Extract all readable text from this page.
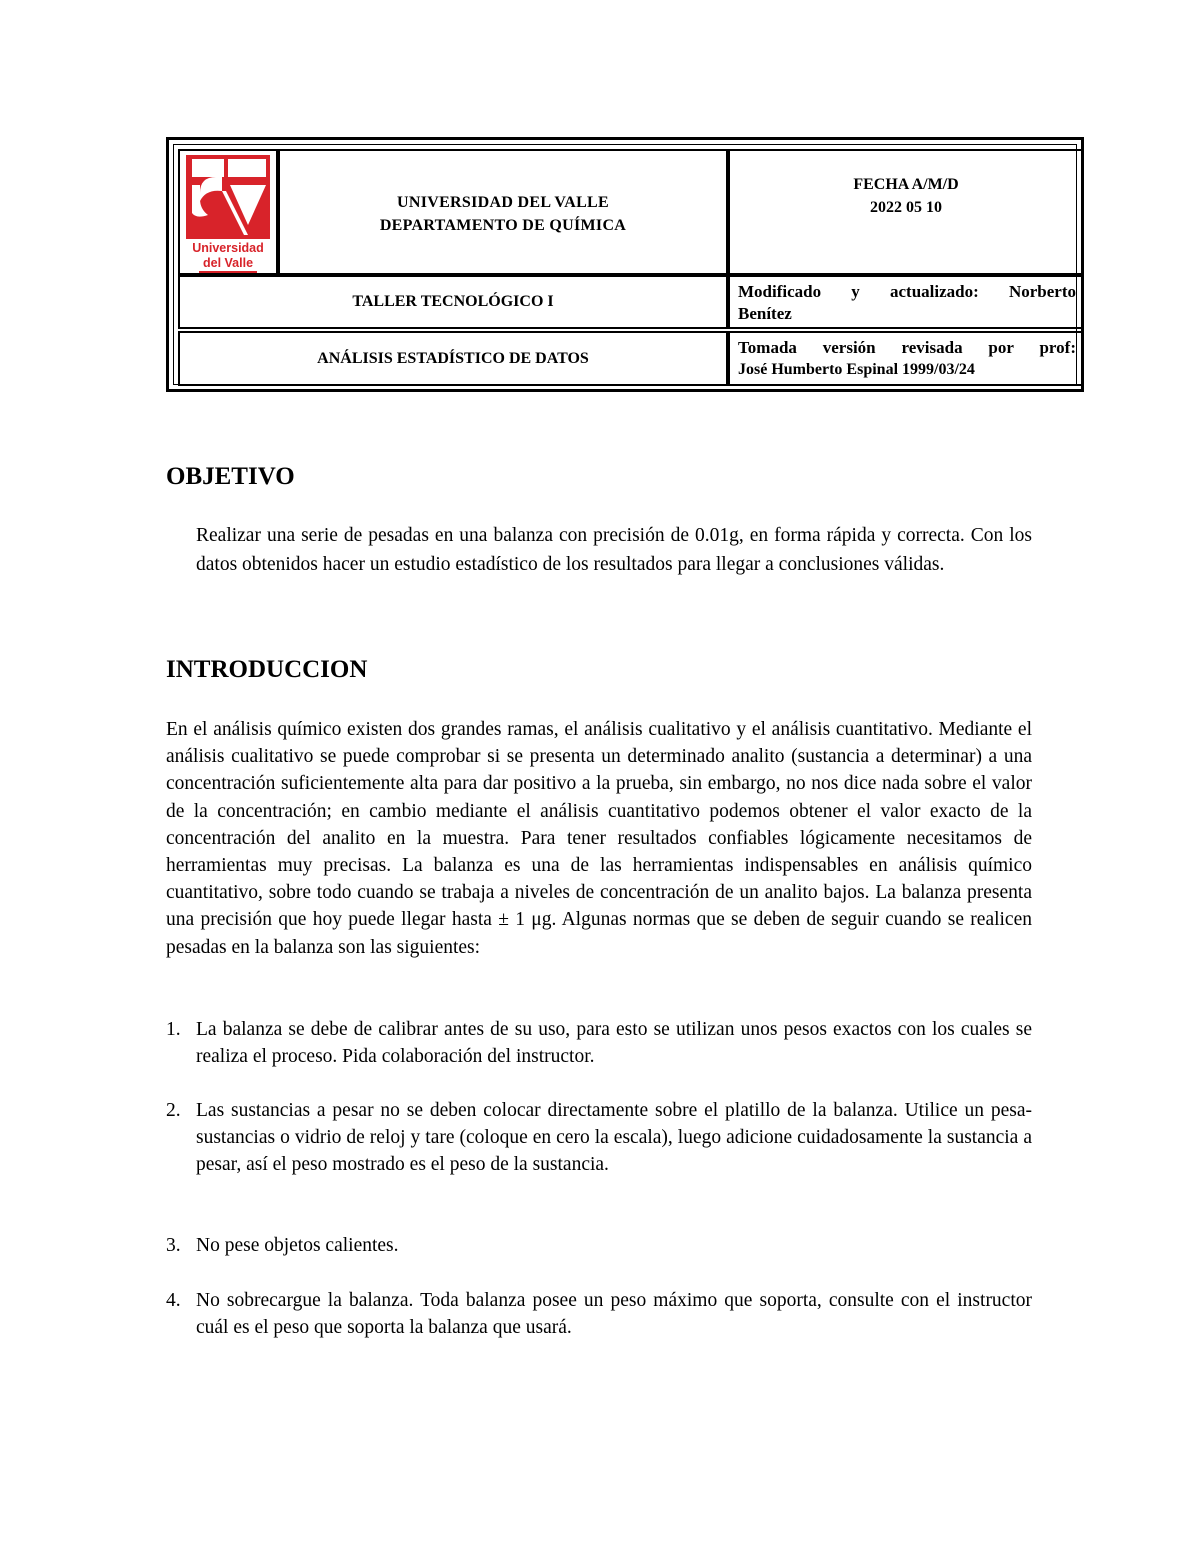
Universidad
del Valle
UNIVERSIDAD DEL VALLE
DEPARTAMENTO DE QUÍMICA
FECHA A/M/D
2022 05 10
TALLER TECNOLÓGICO I
Modificado y actualizado: Norberto
Benítez
ANÁLISIS ESTADÍSTICO DE DATOS
Tomada versión revisada por prof:
José Humberto Espinal 1999/03/24
OBJETIVO
Realizar una serie de pesadas en una balanza con precisión de 0.01g, en forma rápida y correcta. Con los datos obtenidos hacer un estudio estadístico de los resultados para llegar a conclusiones válidas.
INTRODUCCION
En el análisis químico existen dos grandes ramas, el análisis cualitativo y el análisis cuantitativo. Mediante el análisis cualitativo se puede comprobar si se presenta un determinado analito (sustancia a determinar) a una concentración suficientemente alta para dar positivo a la prueba, sin embargo, no nos dice nada sobre el valor de la concentración; en cambio mediante el análisis cuantitativo podemos obtener el valor exacto de la concentración del analito en la muestra. Para tener resultados confiables lógicamente necesitamos de herramientas muy precisas. La balanza es una de las herramientas indispensables en análisis químico cuantitativo, sobre todo cuando se trabaja a niveles de concentración de un analito bajos. La balanza presenta una precisión que hoy puede llegar hasta ± 1 μg. Algunas normas que se deben de seguir cuando se realicen pesadas en la balanza son las siguientes:
1. La balanza se debe de calibrar antes de su uso, para esto se utilizan unos pesos exactos con los cuales se realiza el proceso. Pida colaboración del instructor.
2. Las sustancias a pesar no se deben colocar directamente sobre el platillo de la balanza. Utilice un pesa-sustancias o vidrio de reloj y tare (coloque en cero la escala), luego adicione cuidadosamente la sustancia a pesar, así el peso mostrado es el peso de la sustancia.
3. No pese objetos calientes.
4. No sobrecargue la balanza. Toda balanza posee un peso máximo que soporta, consulte con el instructor cuál es el peso que soporta la balanza que usará.
